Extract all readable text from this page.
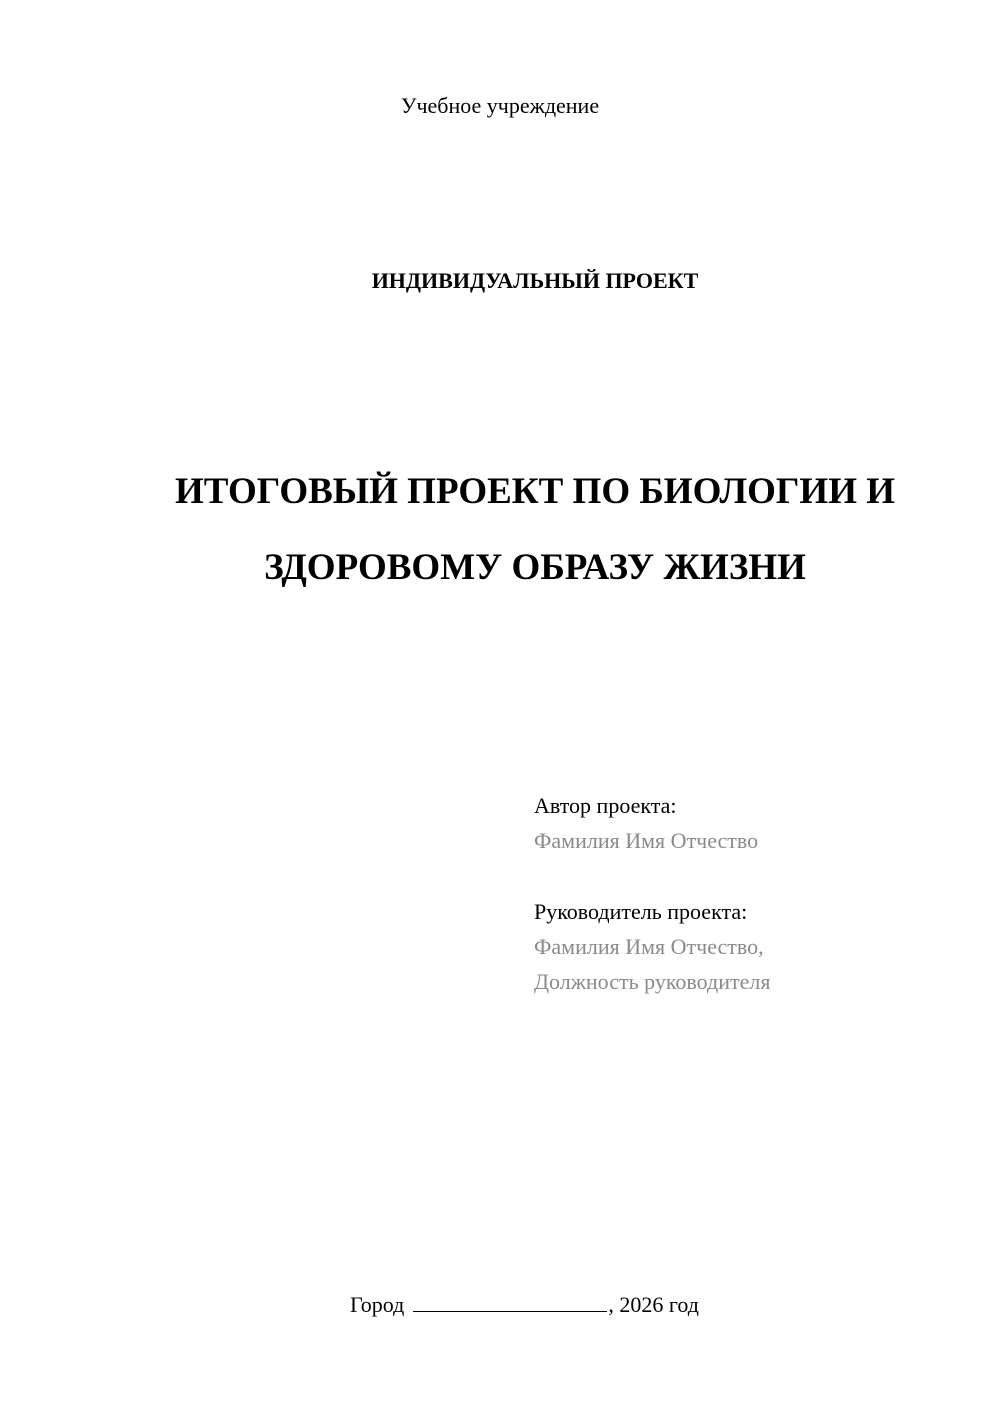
Учебное учреждение
ИНДИВИДУАЛЬНЫЙ ПРОЕКТ

ИТОГОВЫЙ ПРОЕКТ ПО БИОЛОГИИ И

ЗДОРОВОМУ ОБРАЗУ ЖИЗНИ

Автор проекта:
Фамилия Имя Отчество
Руководитель проекта:
Фамилия Имя Отчество,
Должность руководителя
Город	, 2026 год
